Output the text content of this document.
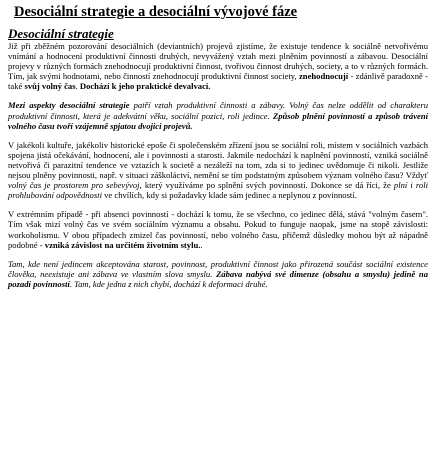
Desociální strategie a desociální vývojové fáze
Desociální strategie

Již při zběžném pozorování desociálních (deviantních) projevů zjistíme, že existuje tendence k sociálně netvořivému vnímání a hodnocení produktivní činnosti druhých, nevyvážený vztah mezi plněním povinností a zábavou. Desociální projevy v různých formách znehodnocují produktivní činnost, tvořivou činnost druhých, society, a to v různých formách. Tím, jak svými hodnotami, nebo činností znehodnocují produktivní činnost society, znehodnocují - zdánlivě paradoxně - také svůj volný čas. Dochází k jeho praktické devalvaci.

Mezi aspekty desociální strategie patří vztah produktivní činnosti a zábavy. Volný čas nelze oddělit od charakteru produktivní činnosti, která je adekvátní věku, sociální pozici, roli jedince. Způsob plnění povinností a způsob trávení volného času tvoří vzájemně spjatou dvojici projevů.

V jakékoli kultuře, jakékoliv historické epoše či společenském zřízení jsou se sociální roli, místem v sociálních vazbách spojena jistá očekávání, hodnocení, ale i povinnosti a starosti. Jakmile nedochází k naplnění povinností, vzniká sociálně netvořivá či parazitní tendence ve vztazích k societě a nezáleží na tom, zda si to jedinec uvědomuje či nikoli. Jestliže nejsou plněny povinnosti, např. v situaci záškoláctví, nemění se tím podstatným způsobem význam volného času? Vždyť volný čas je prostorem pro sebevývoj, který využíváme po splnění svých povinností. Dokonce se dá říci, že plní i roli prohlubování odpovědnosti ve chvílích, kdy si požadavky klade sám jedinec a neplynou z povinností.

V extrémním případě - při absenci povinností - dochází k tomu, že se všechno, co jedinec dělá, stává "volným časem". Tím však mizí volný čas ve svém sociálním významu a obsahu. Pokud to funguje naopak, jsme na stopě závislosti: workoholismu. V obou případech zmizel čas povinností, nebo volného času, přičemž důsledky mohou být až nápadně podobné - vzniká závislost na určitém životním stylu..

Tam, kde není jedincem akceptována starost, povinnost, produktivní činnost jako přirozená součást sociální existence člověka, neexistuje ani zábava ve vlastním slova smyslu. Zábava nabývá své dimenze (obsahu a smyslu) jedině na pozadí povinností. Tam, kde jedna z nich chybí, dochází k deformaci druhé.
